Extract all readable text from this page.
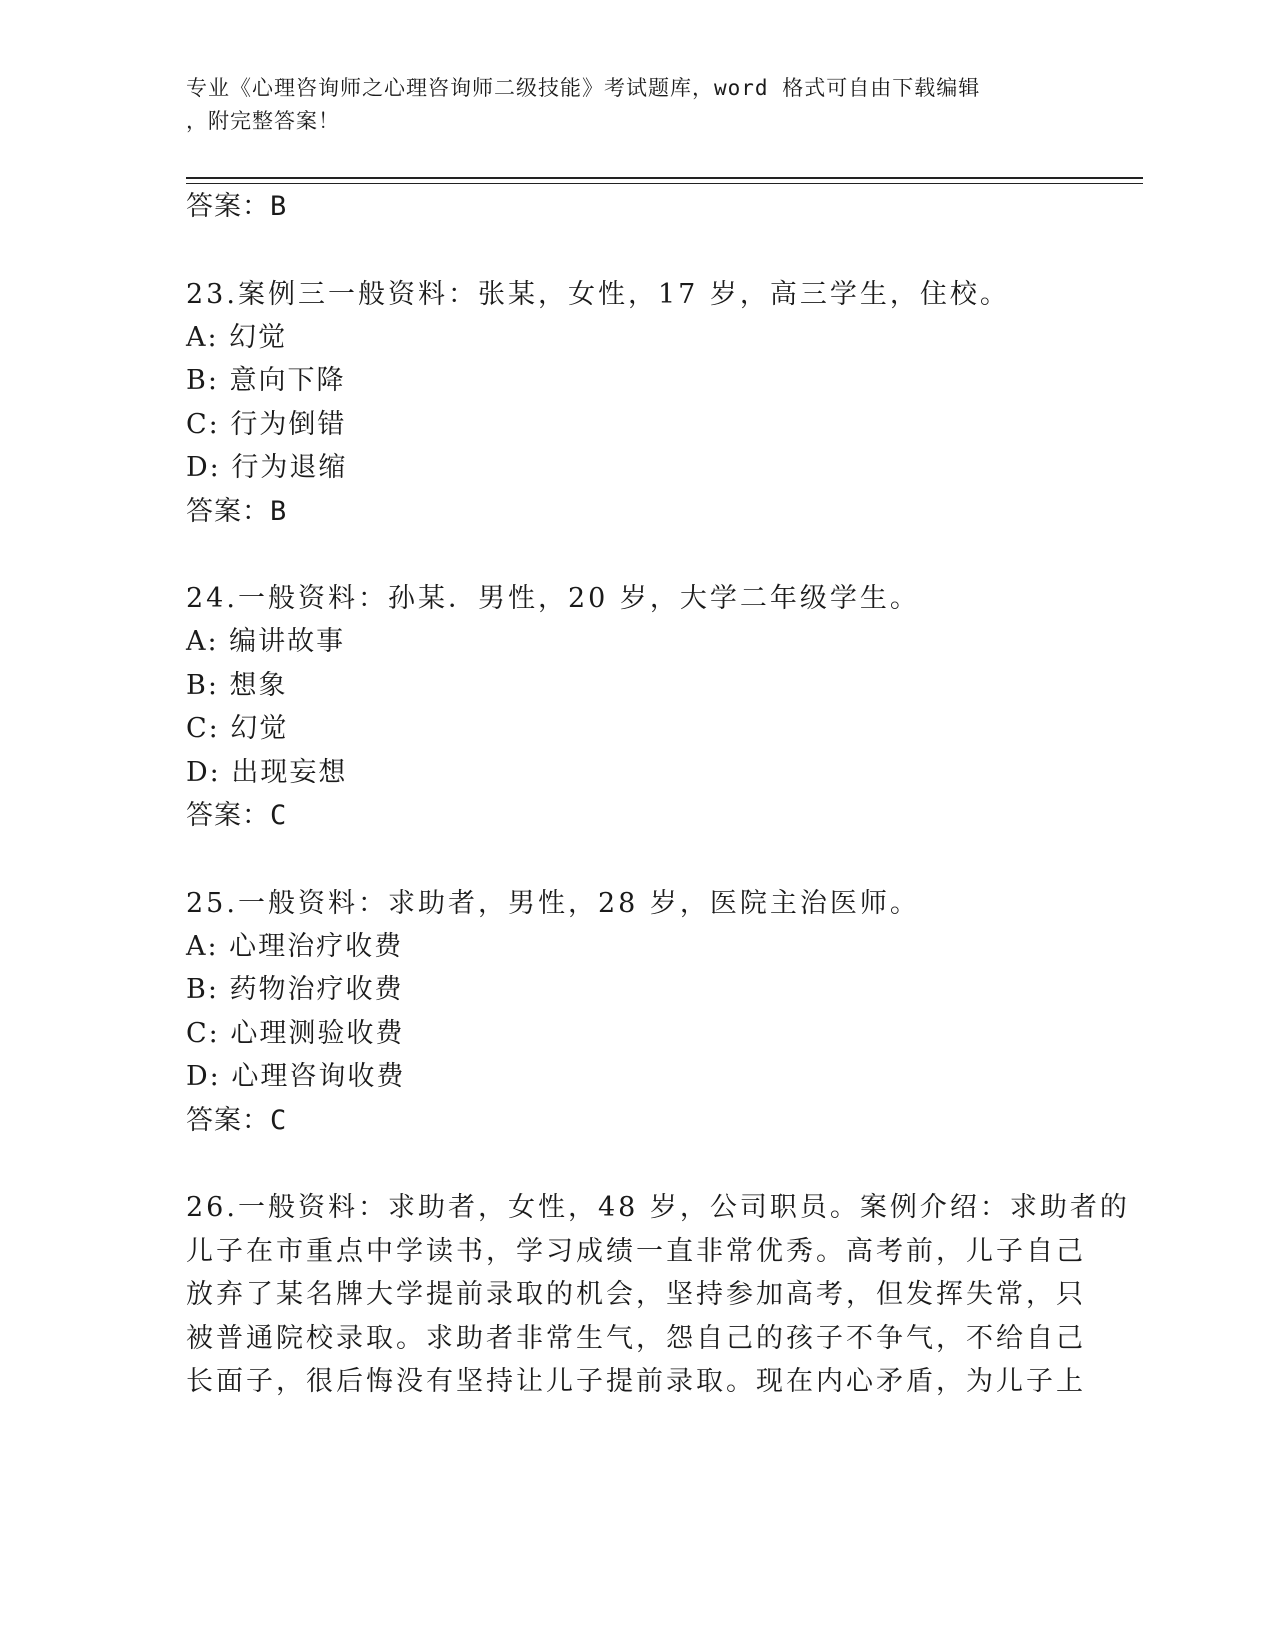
专业《心理咨询师之心理咨询师二级技能》考试题库，word 格式可自由下载编辑
，附完整答案！
答案：B
23.案例三一般资料：张某，女性，17 岁，高三学生，住校。
A: 幻觉
B: 意向下降
C: 行为倒错
D: 行为退缩
答案：B
24.一般资料：孙某．男性，20 岁，大学二年级学生。
A: 编讲故事
B: 想象
C: 幻觉
D: 出现妄想
答案：C
25.一般资料：求助者，男性，28 岁，医院主治医师。
A: 心理治疗收费
B: 药物治疗收费
C: 心理测验收费
D: 心理咨询收费
答案：C
26.一般资料：求助者，女性，48 岁，公司职员。案例介绍：求助者的
儿子在市重点中学读书，学习成绩一直非常优秀。高考前，儿子自己
放弃了某名牌大学提前录取的机会，坚持参加高考，但发挥失常，只
被普通院校录取。求助者非常生气，怨自己的孩子不争气，不给自己
长面子，很后悔没有坚持让儿子提前录取。现在内心矛盾，为儿子上
